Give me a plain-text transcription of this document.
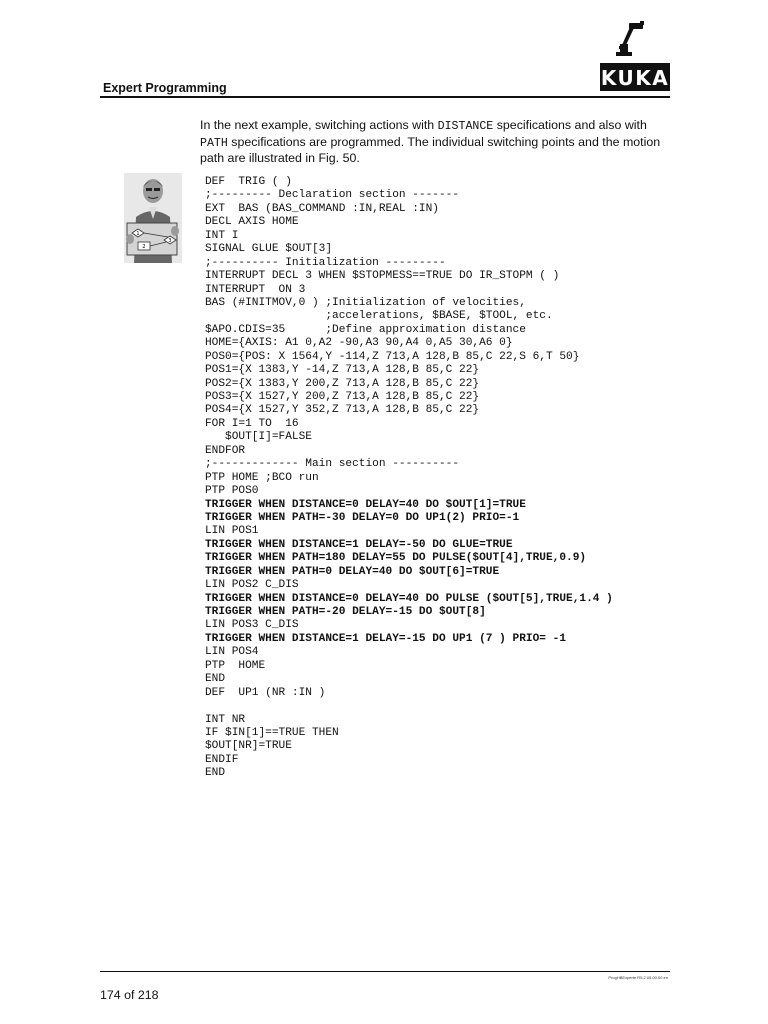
Expert Programming	KUKA
In the next example, switching actions with DISTANCE specifications and also with PATH specifications are programmed. The individual switching points and the motion path are illustrated in Fig. 50.
1
2
3
DEF  TRIG ( )
;--------- Declaration section -------
EXT  BAS (BAS_COMMAND :IN,REAL :IN)
DECL AXIS HOME
INT I
SIGNAL GLUE $OUT[3]
;---------- Initialization ---------
INTERRUPT DECL 3 WHEN $STOPMESS==TRUE DO IR_STOPM ( )
INTERRUPT  ON 3
BAS (#INITMOV,0 ) ;Initialization of velocities,
;accelerations, $BASE, $TOOL, etc.
$APO.CDIS=35      ;Define approximation distance
HOME={AXIS: A1 0,A2 -90,A3 90,A4 0,A5 30,A6 0}
POS0={POS: X 1564,Y -114,Z 713,A 128,B 85,C 22,S 6,T 50}
POS1={X 1383,Y -14,Z 713,A 128,B 85,C 22}
POS2={X 1383,Y 200,Z 713,A 128,B 85,C 22}
POS3={X 1527,Y 200,Z 713,A 128,B 85,C 22}
POS4={X 1527,Y 352,Z 713,A 128,B 85,C 22}
FOR I=1 TO  16
$OUT[I]=FALSE
ENDFOR
;------------- Main section ----------
PTP HOME ;BCO run
PTP POS0
TRIGGER WHEN DISTANCE=0 DELAY=40 DO $OUT[1]=TRUE
TRIGGER WHEN PATH=-30 DELAY=0 DO UP1(2) PRIO=-1
LIN POS1
TRIGGER WHEN DISTANCE=1 DELAY=-50 DO GLUE=TRUE
TRIGGER WHEN PATH=180 DELAY=55 DO PULSE($OUT[4],TRUE,0.9)
TRIGGER WHEN PATH=0 DELAY=40 DO $OUT[6]=TRUE
LIN POS2 C_DIS
TRIGGER WHEN DISTANCE=0 DELAY=40 DO PULSE ($OUT[5],TRUE,1.4 )
TRIGGER WHEN PATH=-20 DELAY=-15 DO $OUT[8]
LIN POS3 C_DIS
TRIGGER WHEN DISTANCE=1 DELAY=-15 DO UP1 (7 ) PRIO= -1
LIN POS4
PTP  HOME
END
DEF  UP1 (NR :IN )
INT NR
IF $IN[1]==TRUE THEN
$OUT[NR]=TRUE
ENDIF
END
ProgHBExperte R5.2 05.00.00 en
174 of 218
